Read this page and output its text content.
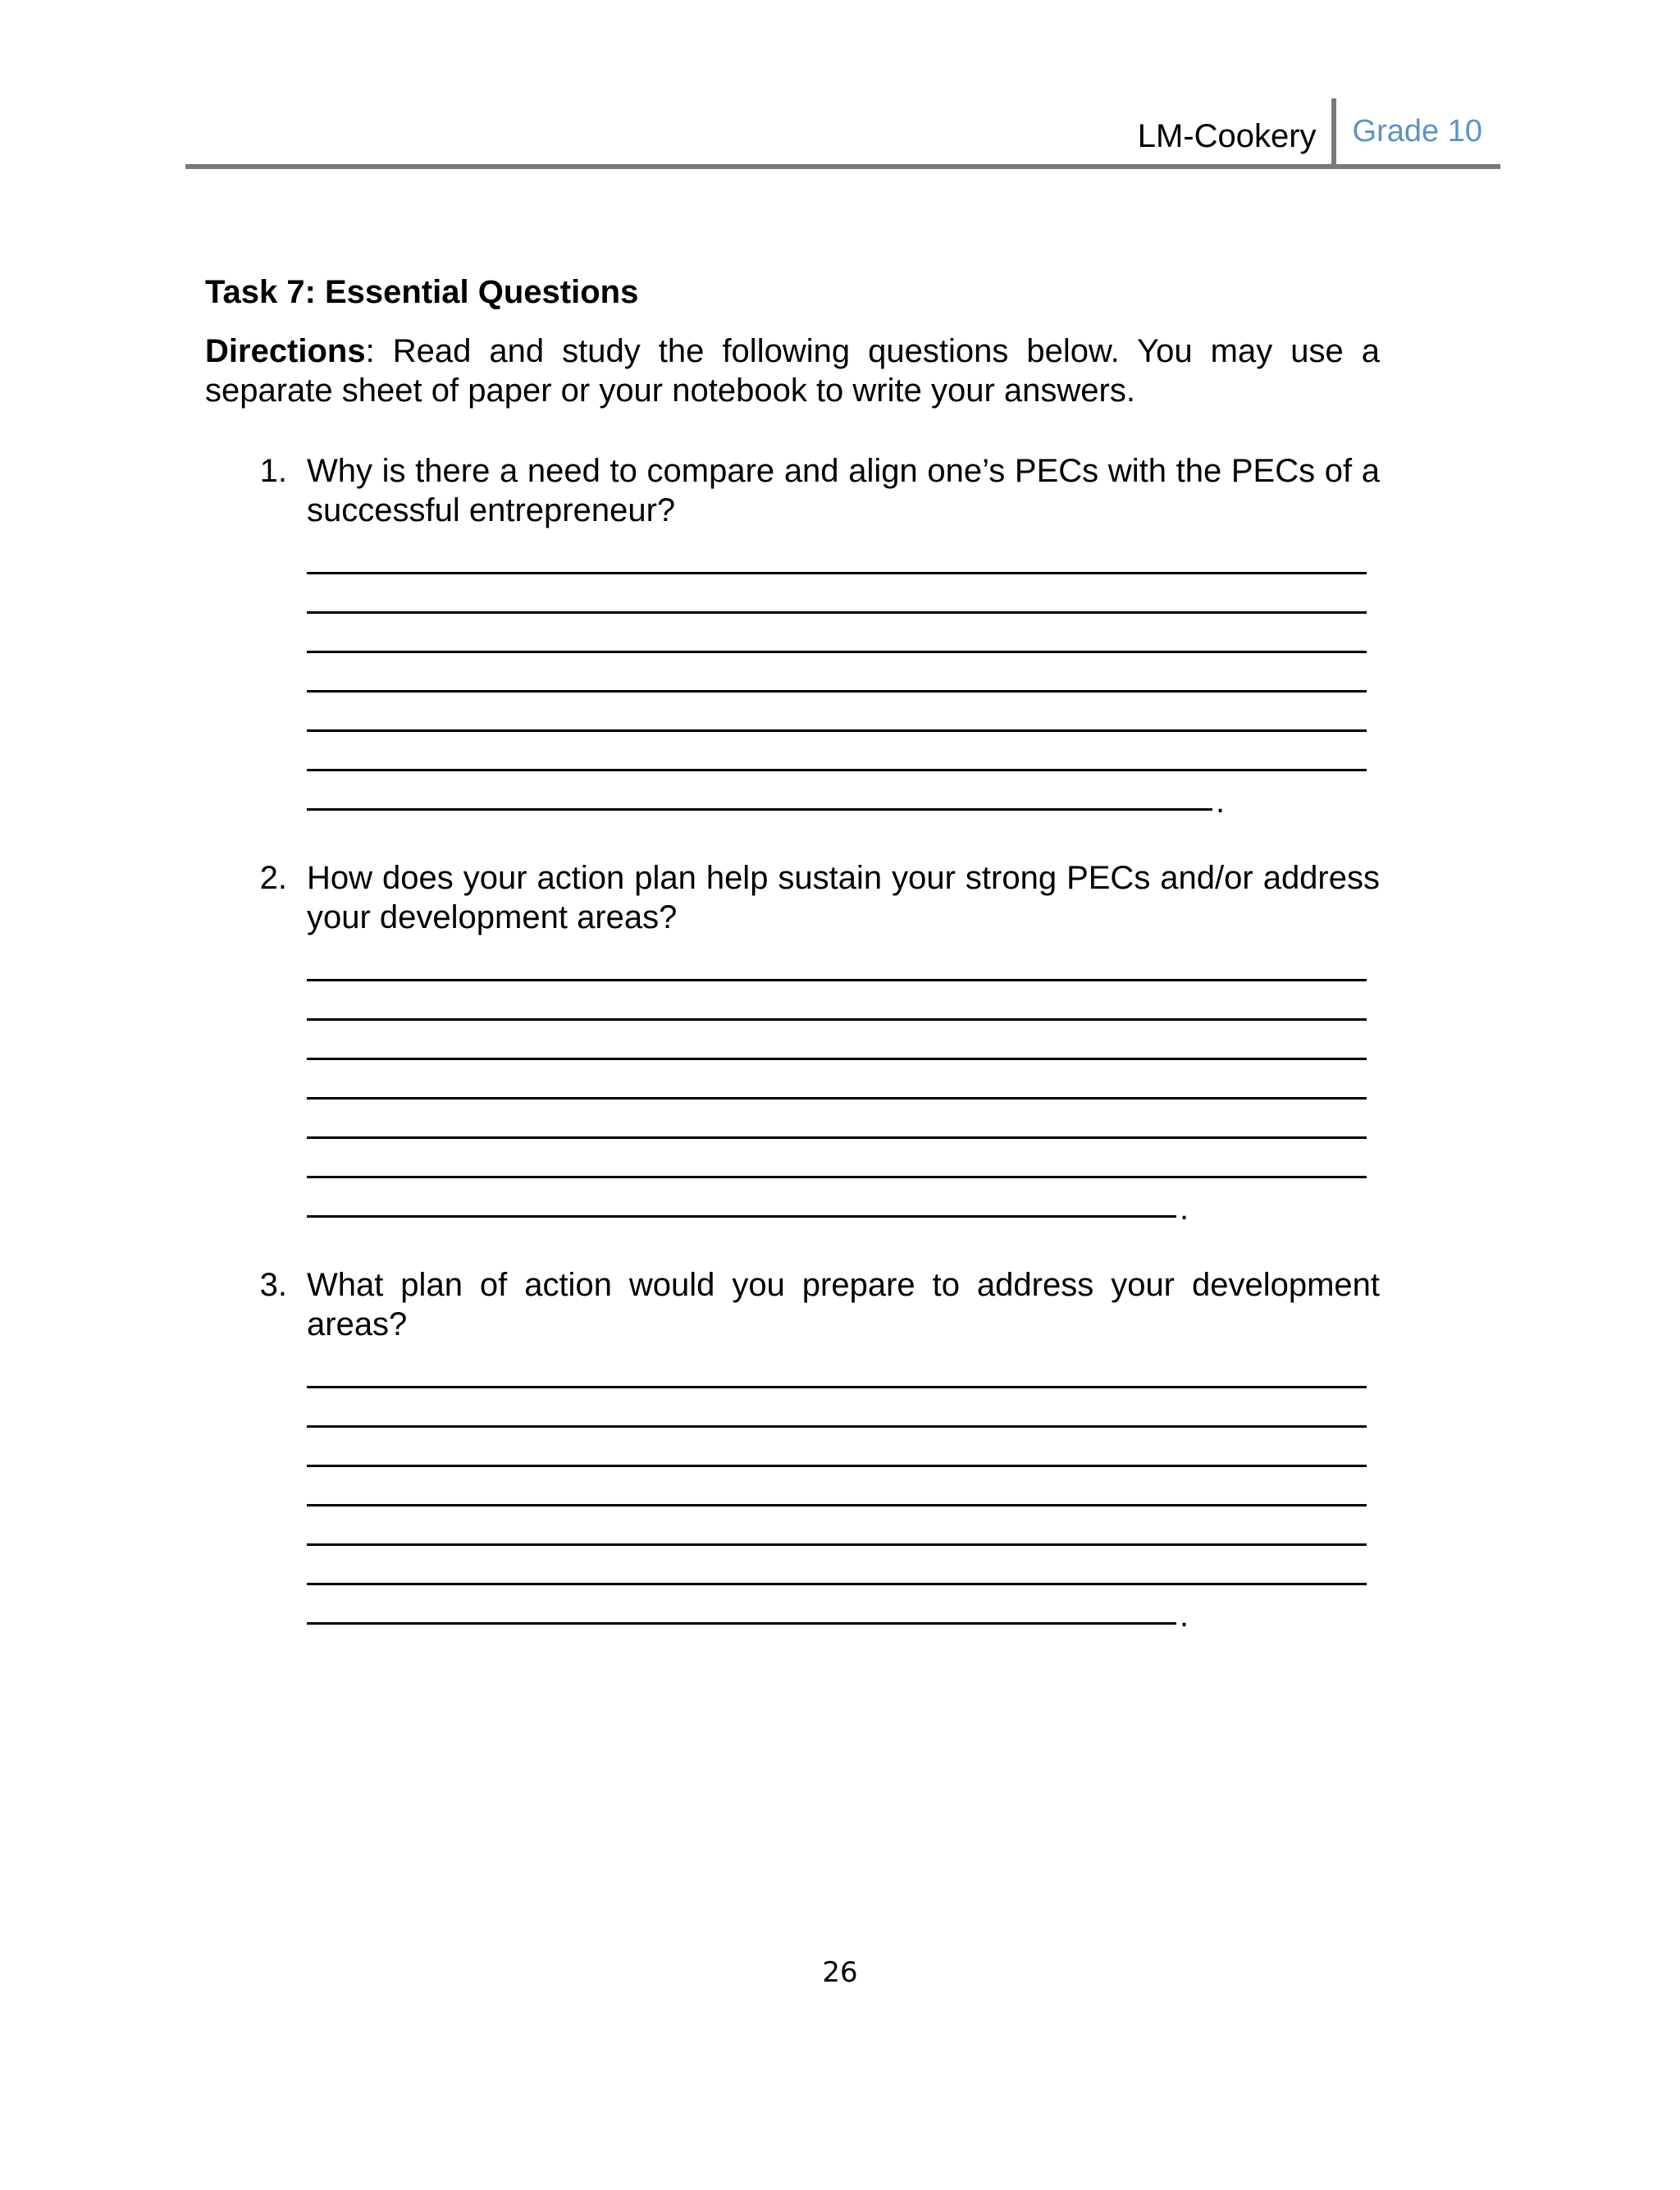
LM-Cookery	Grade 10
Task 7: Essential Questions

Directions: Read and study the following questions below. You may use a separate sheet of paper or your notebook to write your answers.

1. Why is there a need to compare and align one’s PECs with the PECs of a successful entrepreneur?
.
2. How does your action plan help sustain your strong PECs and/or address your development areas?
.
3. What plan of action would you prepare to address your development areas?
.
26
